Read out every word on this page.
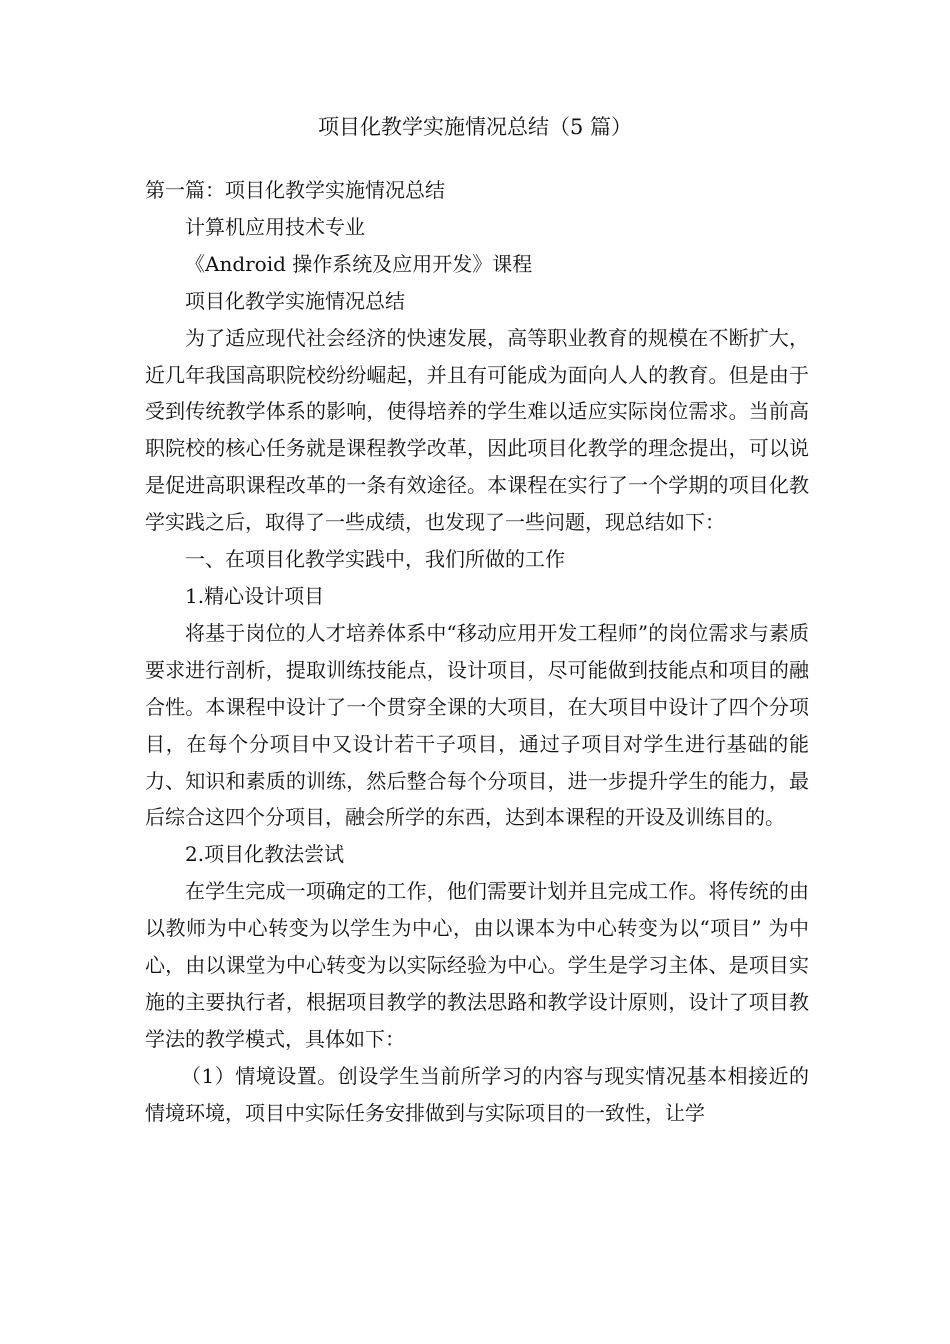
项目化教学实施情况总结（5 篇）

第一篇：项目化教学实施情况总结

计算机应用技术专业

《Android 操作系统及应用开发》课程

项目化教学实施情况总结

为了适应现代社会经济的快速发展，高等职业教育的规模在不断扩大，近几年我国高职院校纷纷崛起，并且有可能成为面向人人的教育。但是由于受到传统教学体系的影响，使得培养的学生难以适应实际岗位需求。当前高职院校的核心任务就是课程教学改革，因此项目化教学的理念提出，可以说是促进高职课程改革的一条有效途径。本课程在实行了一个学期的项目化教学实践之后，取得了一些成绩，也发现了一些问题，现总结如下：

一、在项目化教学实践中，我们所做的工作

1.精心设计项目

将基于岗位的人才培养体系中“移动应用开发工程师”的岗位需求与素质要求进行剖析，提取训练技能点，设计项目，尽可能做到技能点和项目的融合性。本课程中设计了一个贯穿全课的大项目，在大项目中设计了四个分项目，在每个分项目中又设计若干子项目，通过子项目对学生进行基础的能力、知识和素质的训练，然后整合每个分项目，进一步提升学生的能力，最后综合这四个分项目，融会所学的东西，达到本课程的开设及训练目的。

2.项目化教法尝试

在学生完成一项确定的工作，他们需要计划并且完成工作。将传统的由以教师为中心转变为以学生为中心，由以课本为中心转变为以“项目” 为中心，由以课堂为中心转变为以实际经验为中心。学生是学习主体、是项目实施的主要执行者，根据项目教学的教法思路和教学设计原则，设计了项目教学法的教学模式，具体如下：

（1）情境设置。创设学生当前所学习的内容与现实情况基本相接近的情境环境，项目中实际任务安排做到与实际项目的一致性，让学
